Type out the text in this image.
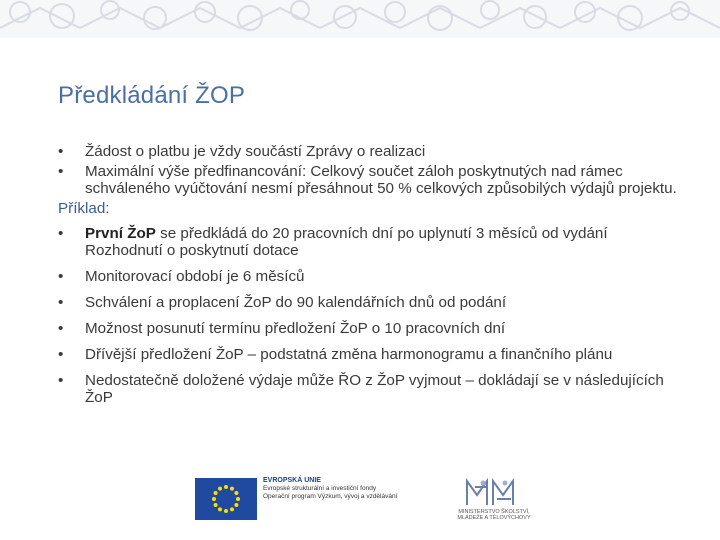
Předkládání ŽOP
•	Žádost o platbu je vždy součástí Zprávy o realizaci
•	Maximální výše předfinancování: Celkový součet záloh poskytnutých nad rámec schváleného vyúčtování nesmí přesáhnout 50 % celkových způsobilých výdajů projektu.
Příklad:
•	První ŽoP se předkládá do 20 pracovních dní po uplynutí 3 měsíců od vydání Rozhodnutí o poskytnutí dotace
•	Monitorovací období je 6 měsíců
•	Schválení a proplacení ŽoP do 90 kalendářních dnů od podání
•	Možnost posunutí termínu předložení ŽoP o 10 pracovních dní
•	Dřívější předložení ŽoP – podstatná změna harmonogramu a finančního plánu
•	Nedostatečně doložené výdaje může ŘO z ŽoP vyjmout – dokládají se v následujících ŽoP
EVROPSKÁ UNIE
Evropské strukturální a investiční fondy
Operační program Výzkum, vývoj a vzdělávání
MINISTERSTVO ŠKOLSTVÍ, MLÁDEŽE A TĚLOVÝCHOVY
